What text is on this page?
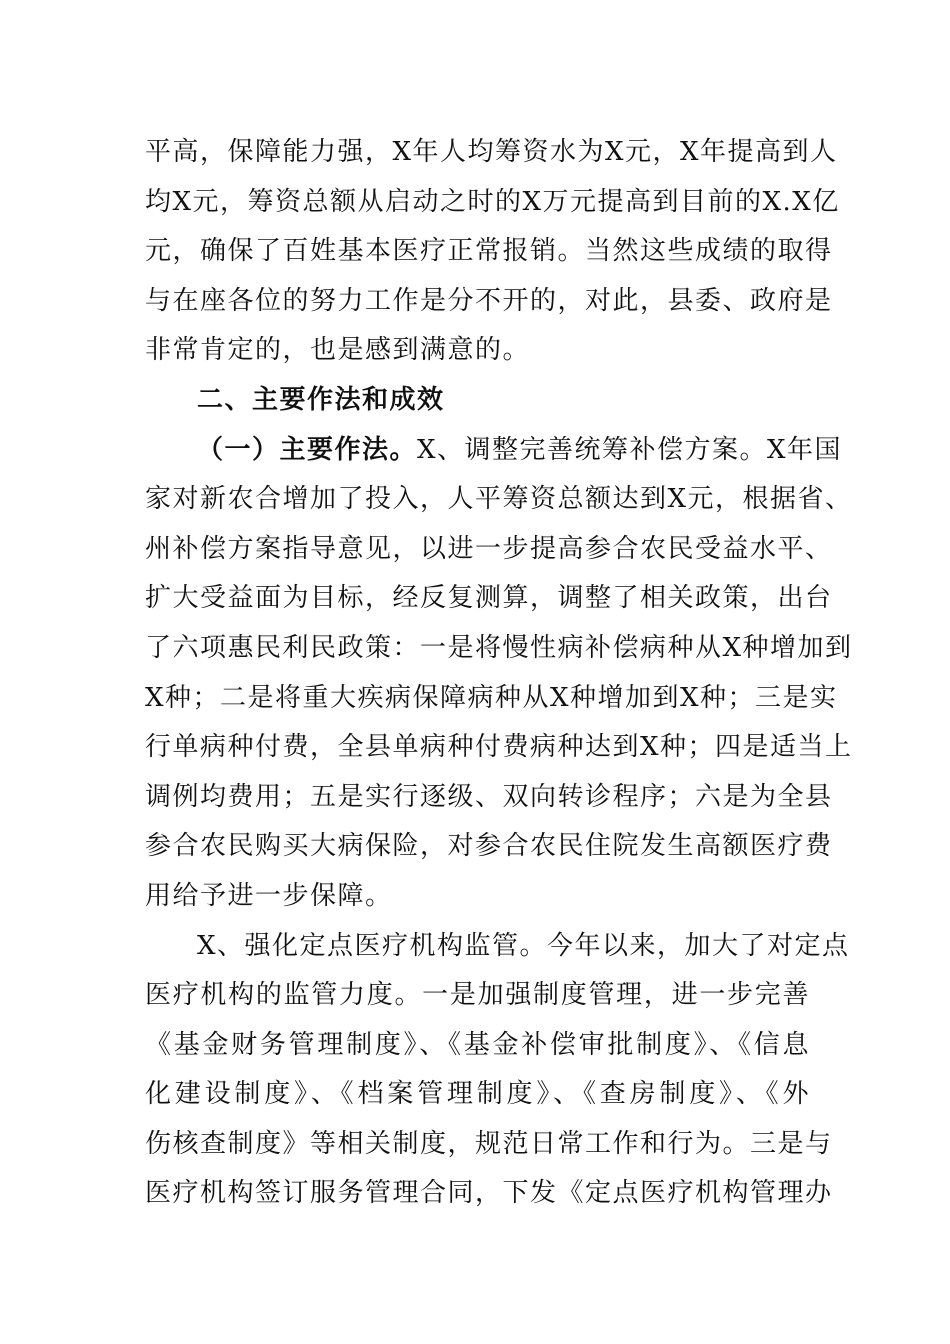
平高，保障能力强，X年人均筹资水为X元，X年提高到人
均X元，筹资总额从启动之时的X万元提高到目前的X.X亿
元，确保了百姓基本医疗正常报销。当然这些成绩的取得
与在座各位的努力工作是分不开的，对此，县委、政府是
非常肯定的，也是感到满意的。
二、主要作法和成效
（一）主要作法。X、调整完善统筹补偿方案。X年国
家对新农合增加了投入，人平筹资总额达到X元，根据省、
州补偿方案指导意见，以进一步提高参合农民受益水平、
扩大受益面为目标，经反复测算，调整了相关政策，出台
了六项惠民利民政策：一是将慢性病补偿病种从X种增加到
X种；二是将重大疾病保障病种从X种增加到X种；三是实
行单病种付费，全县单病种付费病种达到X种；四是适当上
调例均费用；五是实行逐级、双向转诊程序；六是为全县
参合农民购买大病保险，对参合农民住院发生高额医疗费
用给予进一步保障。
X、强化定点医疗机构监管。今年以来，加大了对定点
医疗机构的监管力度。一是加强制度管理，进一步完善
《基金财务管理制度》、《基金补偿审批制度》、《信息
化建设制度》、《档案管理制度》、《查房制度》、《外
伤核查制度》等相关制度，规范日常工作和行为。三是与
医疗机构签订服务管理合同，下发《定点医疗机构管理办
